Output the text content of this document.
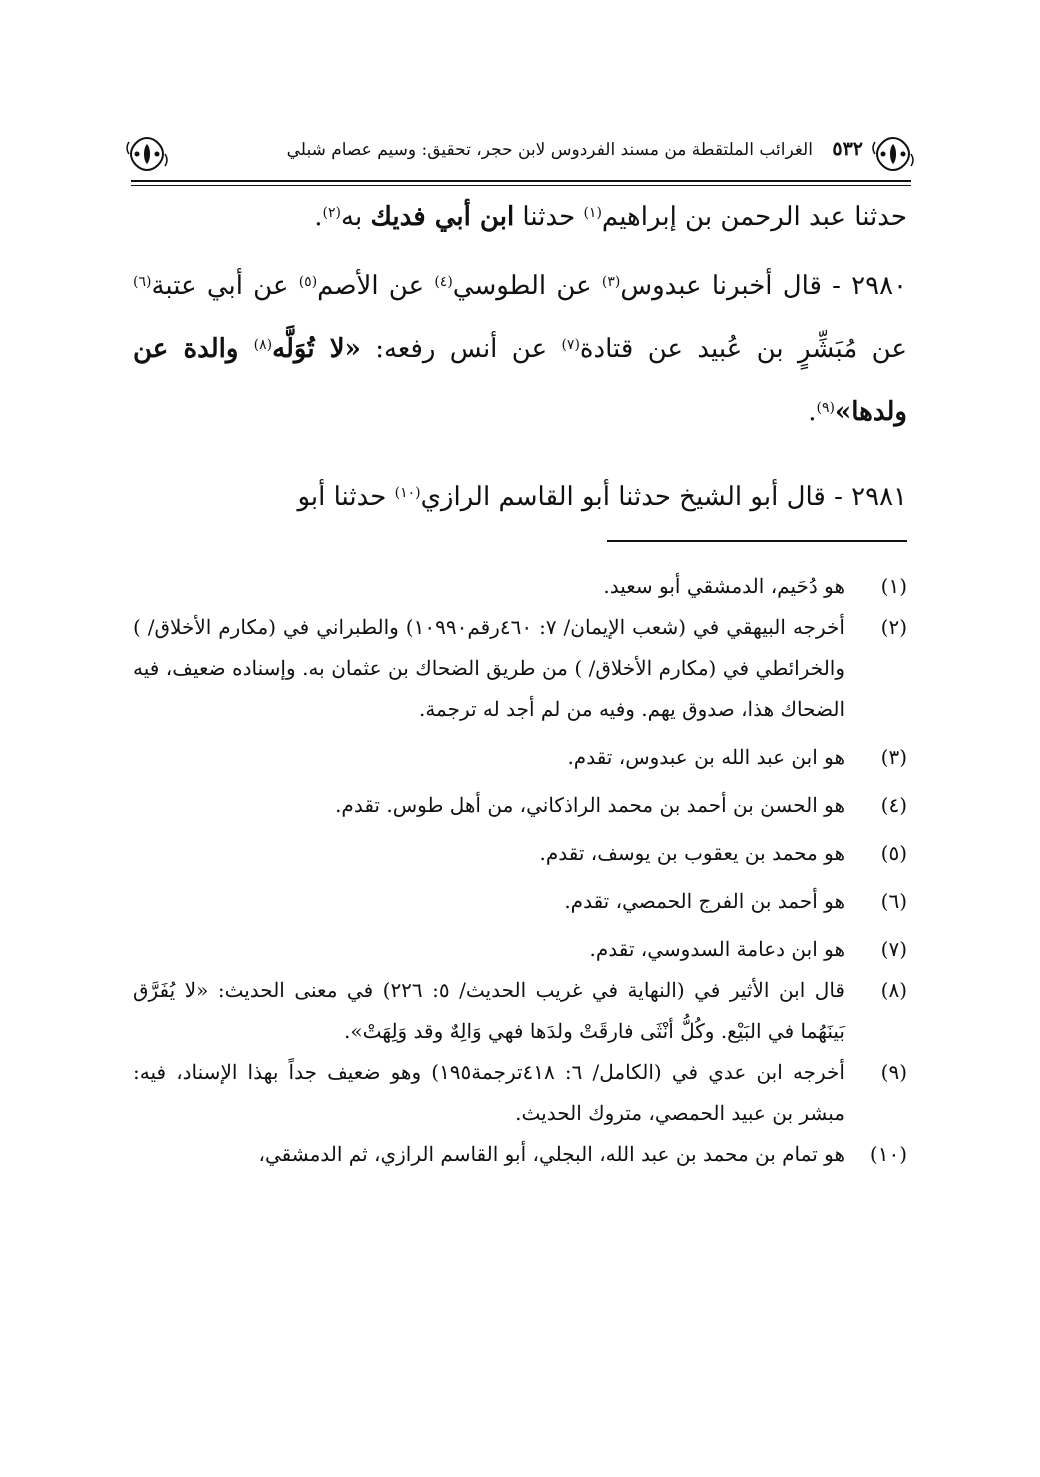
٥٣٢ الغرائب الملتقطة من مسند الفردوس لابن حجر، تحقيق: وسيم عصام شبلي

حدثنا عبد الرحمن بن إبراهيم$^{(١)}$ حدثنا ابن أبي فديك به$^{(٢)}$.

٢٩٨٠ - قال أخبرنا عبدوس$^{(٣)}$ عن الطوسي$^{(٤)}$ عن الأصم$^{(٥)}$ عن أبي عتبة$^{(٦)}$ عن مُبَشِّرٍ بن عُبيد عن قتادة$^{(٧)}$ عن أنس رفعه: «لا تُوَلَّه$^{(٨)}$ والدة عن ولدها»$^{(٩)}$.

٢٩٨١ - قال أبو الشيخ حدثنا أبو القاسم الرازي$^{(١٠)}$ حدثنا أبو

(١)
هو دُحَيم، الدمشقي أبو سعيد.
(٢)
أخرجه البيهقي في (شعب الإيمان/ ٧: ٤٦٠رقم١٠٩٩٠) والطبراني في (مكارم الأخلاق/ ) والخرائطي في (مكارم الأخلاق/ ) من طريق الضحاك بن عثمان به. وإسناده ضعيف، فيه الضحاك هذا، صدوق يهم. وفيه من لم أجد له ترجمة.
(٣)
هو ابن عبد الله بن عبدوس، تقدم.
(٤)
هو الحسن بن أحمد بن محمد الراذكاني، من أهل طوس. تقدم.
(٥)
هو محمد بن يعقوب بن يوسف، تقدم.
(٦)
هو أحمد بن الفرج الحمصي، تقدم.
(٧)
هو ابن دعامة السدوسي، تقدم.
(٨)
قال ابن الأثير في (النهاية في غريب الحديث/ ٥: ٢٢٦) في معنى الحديث: «لا يُفَرَّق بَينَهُما في البَيْع. وكُلُّ أنْثَى فارقَتْ ولدَها فهي وَالِهٌ وقد وَلِهَتْ».
(٩)
أخرجه ابن عدي في (الكامل/ ٦: ٤١٨ترجمة١٩٥) وهو ضعيف جداً بهذا الإسناد، فيه: مبشر بن عبيد الحمصي، متروك الحديث.
(١٠)
هو تمام بن محمد بن عبد الله، البجلي، أبو القاسم الرازي، ثم الدمشقي،
